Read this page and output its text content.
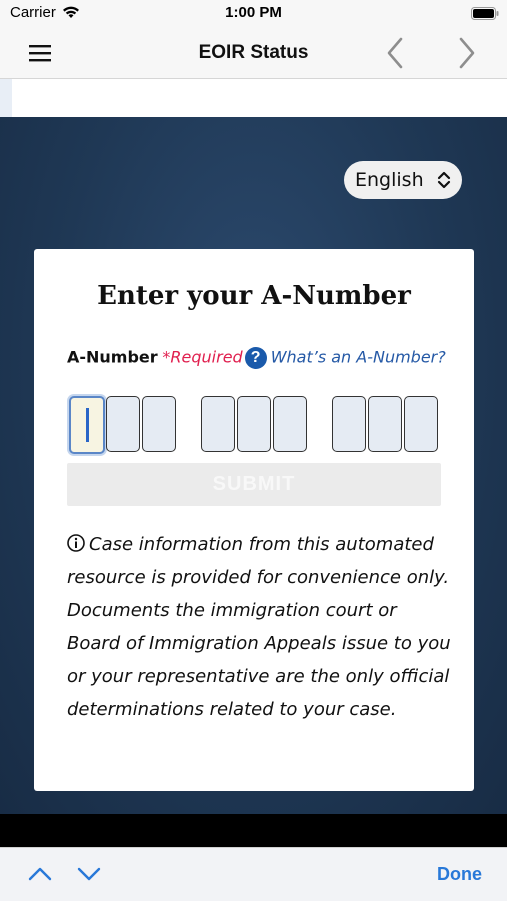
Carrier	1:00 PM
EOIR Status
English
Enter your A-Number
A-Number *Required ? What’s an A-Number?
SUBMIT
Case information from this automated resource is provided for convenience only. Documents the immigration court or Board of Immigration Appeals issue to you or your representative are the only official determinations related to your case.
Done
